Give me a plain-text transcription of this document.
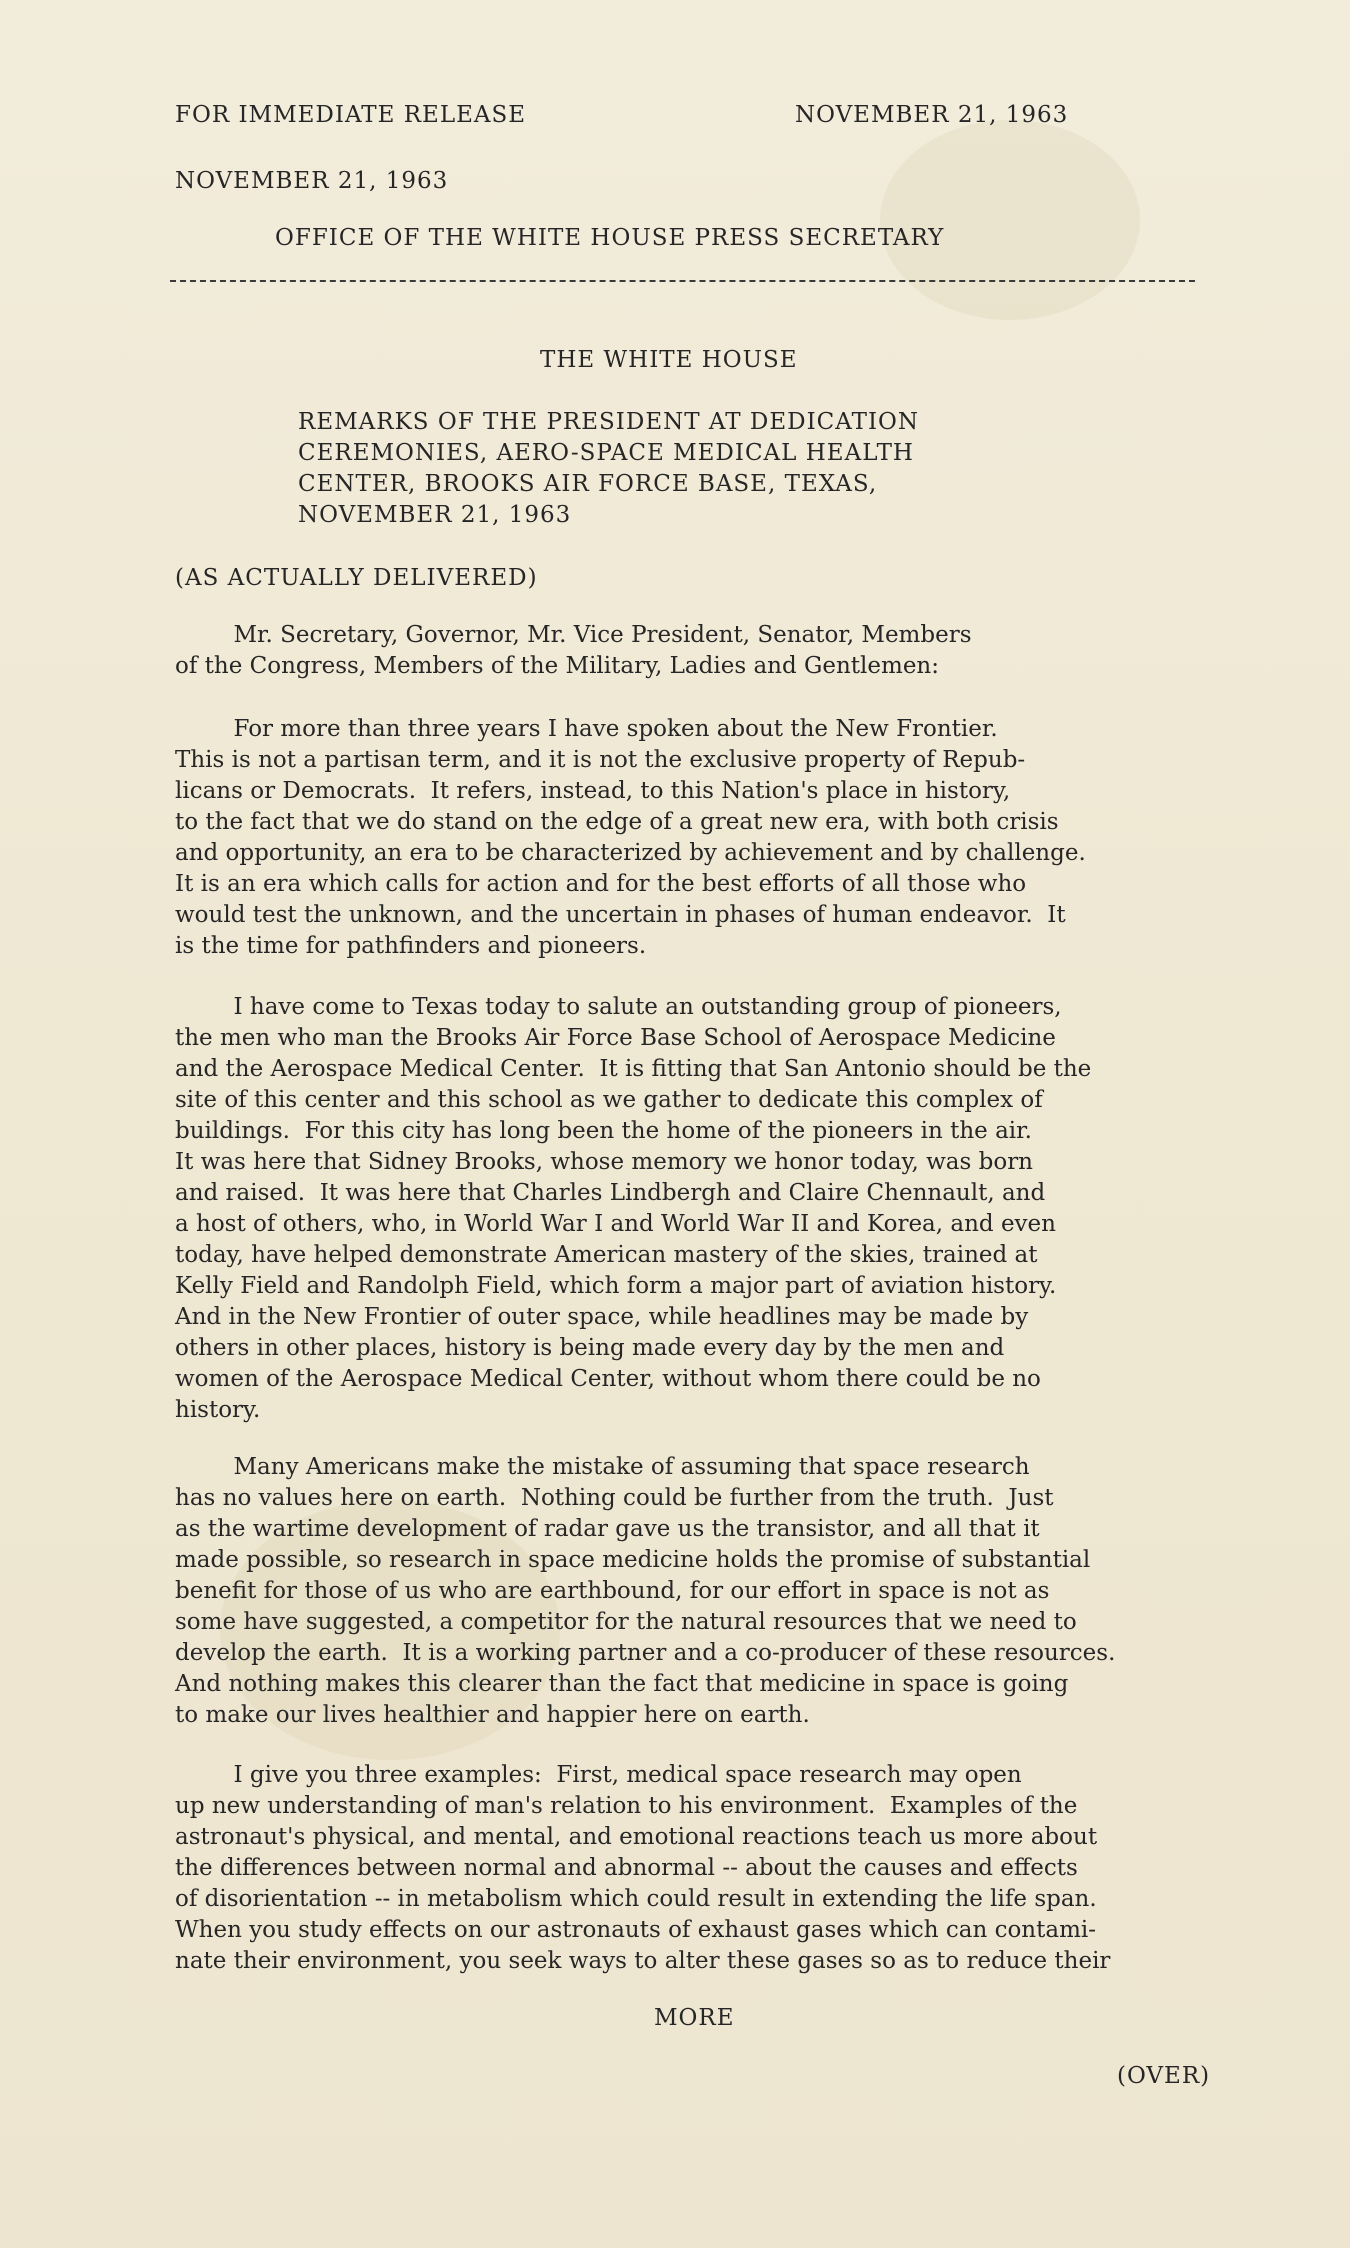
FOR IMMEDIATE RELEASE	NOVEMBER 21, 1963
NOVEMBER 21, 1963
OFFICE OF THE WHITE HOUSE PRESS SECRETARY
THE WHITE HOUSE
REMARKS OF THE PRESIDENT AT DEDICATION
CEREMONIES, AERO-SPACE MEDICAL HEALTH
CENTER, BROOKS AIR FORCE BASE, TEXAS,
NOVEMBER 21, 1963
(AS ACTUALLY DELIVERED)
Mr. Secretary, Governor, Mr. Vice President, Senator, Members
of the Congress, Members of the Military, Ladies and Gentlemen:
For more than three years I have spoken about the New Frontier.
This is not a partisan term, and it is not the exclusive property of Repub-
licans or Democrats.  It refers, instead, to this Nation's place in history,
to the fact that we do stand on the edge of a great new era, with both crisis
and opportunity, an era to be characterized by achievement and by challenge.
It is an era which calls for action and for the best efforts of all those who
would test the unknown, and the uncertain in phases of human endeavor.  It
is the time for pathfinders and pioneers.
I have come to Texas today to salute an outstanding group of pioneers,
the men who man the Brooks Air Force Base School of Aerospace Medicine
and the Aerospace Medical Center.  It is fitting that San Antonio should be the
site of this center and this school as we gather to dedicate this complex of
buildings.  For this city has long been the home of the pioneers in the air.
It was here that Sidney Brooks, whose memory we honor today, was born
and raised.  It was here that Charles Lindbergh and Claire Chennault, and
a host of others, who, in World War I and World War II and Korea, and even
today, have helped demonstrate American mastery of the skies, trained at
Kelly Field and Randolph Field, which form a major part of aviation history.
And in the New Frontier of outer space, while headlines may be made by
others in other places, history is being made every day by the men and
women of the Aerospace Medical Center, without whom there could be no
history.
Many Americans make the mistake of assuming that space research
has no values here on earth.  Nothing could be further from the truth.  Just
as the wartime development of radar gave us the transistor, and all that it
made possible, so research in space medicine holds the promise of substantial
benefit for those of us who are earthbound, for our effort in space is not as
some have suggested, a competitor for the natural resources that we need to
develop the earth.  It is a working partner and a co-producer of these resources.
And nothing makes this clearer than the fact that medicine in space is going
to make our lives healthier and happier here on earth.
I give you three examples:  First, medical space research may open
up new understanding of man's relation to his environment.  Examples of the
astronaut's physical, and mental, and emotional reactions teach us more about
the differences between normal and abnormal -- about the causes and effects
of disorientation -- in metabolism which could result in extending the life span.
When you study effects on our astronauts of exhaust gases which can contami-
nate their environment, you seek ways to alter these gases so as to reduce their
MORE
(OVER)
